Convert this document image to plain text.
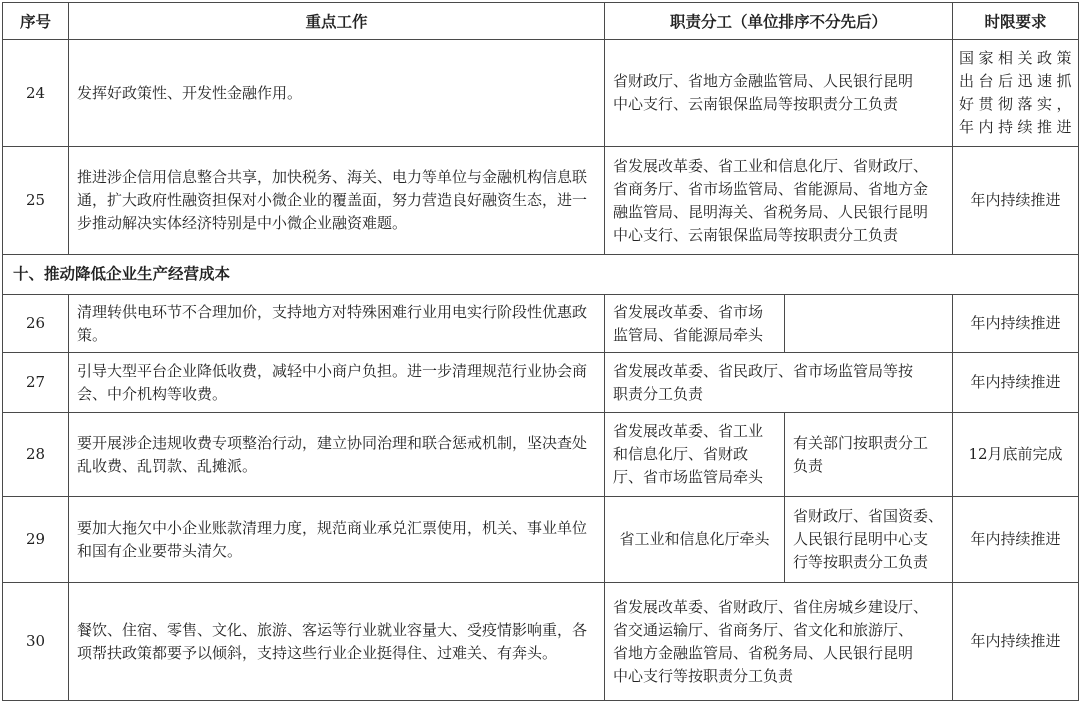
序号	重点工作	职责分工（单位排序不分先后）		时限要求
24	发挥好政策性、开发性金融作用。	省财政厅、省地方金融监管局、人民银行昆明
中心支行、云南银保监局等按职责分工负责		国家相关政策
出台后迅速抓
好贯彻落实，
年内持续推进

25	推进涉企信用信息整合共享，加快税务、海关、电力等单位与金融机构信息联通，扩大政府性融资担保对小微企业的覆盖面，努力营造良好融资生态，进一步推动解决实体经济特别是中小微企业融资难题。	省发展改革委、省工业和信息化厅、省财政厅、
省商务厅、省市场监管局、省能源局、省地方金
融监管局、昆明海关、省税务局、人民银行昆明
中心支行、云南银保监局等按职责分工负责		年内持续推进
十、推动降低企业生产经营成本				
26	清理转供电环节不合理加价，支持地方对特殊困难行业用电实行阶段性优惠政策。	省发展改革委、省市场
监管局、省能源局牵头		年内持续推进
27	引导大型平台企业降低收费，减轻中小商户负担。进一步清理规范行业协会商会、中介机构等收费。	省发展改革委、省民政厅、省市场监管局等按
职责分工负责		年内持续推进
28	要开展涉企违规收费专项整治行动，建立协同治理和联合惩戒机制，坚决查处乱收费、乱罚款、乱摊派。	省发展改革委、省工业
和信息化厅、省财政
厅、省市场监管局牵头	有关部门按职责分工
负责	12月底前完成
29	要加大拖欠中小企业账款清理力度，规范商业承兑汇票使用，机关、事业单位和国有企业要带头清欠。	省工业和信息化厅牵头	省财政厅、省国资委、
人民银行昆明中心支
行等按职责分工负责	年内持续推进
30	餐饮、住宿、零售、文化、旅游、客运等行业就业容量大、受疫情影响重，各项帮扶政策都要予以倾斜，支持这些行业企业挺得住、过难关、有奔头。	省发展改革委、省财政厅、省住房城乡建设厅、
省交通运输厅、省商务厅、省文化和旅游厅、
省地方金融监管局、省税务局、人民银行昆明
中心支行等按职责分工负责		年内持续推进
